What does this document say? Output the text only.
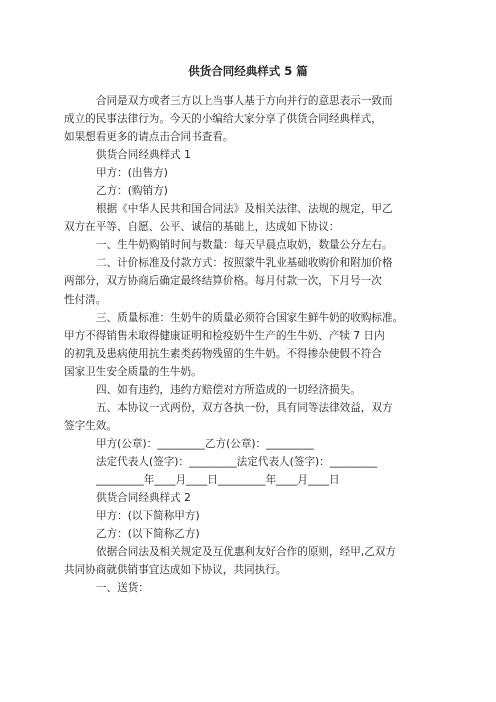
供货合同经典样式 5 篇
合同是双方或者三方以上当事人基于方向并行的意思表示一致而
成立的民事法律行为。今天的小编给大家分享了供货合同经典样式，
如果想看更多的请点击合同书查看。
供货合同经典样式 1
甲方：(出售方)
乙方：(购销方)
根据《中华人民共和国合同法》及相关法律、法规的规定，甲乙
双方在平等、自愿、公平、诚信的基础上，达成如下协议：
一、生牛奶购销时间与数量：每天早晨点取奶，数量公分左右。
二、计价标准及付款方式：按照蒙牛乳业基础收购价和附加价格
两部分，双方协商后确定最终结算价格。每月付款一次，下月号一次
性付清。
三、质量标准：生奶牛的质量必须符合国家生鲜牛奶的收购标准。
甲方不得销售未取得健康证明和检疫奶牛生产的生牛奶、产犊 7 日内
的初乳及患病使用抗生素类药物残留的生牛奶。不得掺杂使假不符合
国家卫生安全质量的生牛奶。
四、如有违约，违约方赔偿对方所造成的一切经济损失。
五、本协议一式两份，双方各执一份，具有同等法律效益，双方
签字生效。
甲方(公章)：_________乙方(公章)：_________
法定代表人(签字)：_________法定代表人(签字)：_________
_________年____月____日_________年____月____日
供货合同经典样式 2
甲方：(以下简称甲方)
乙方：(以下简称乙方)
依据合同法及相关规定及互优惠利友好合作的原则，经甲,乙双方
共同协商就供销事宜达成如下协议，共同执行。
一、送货：
